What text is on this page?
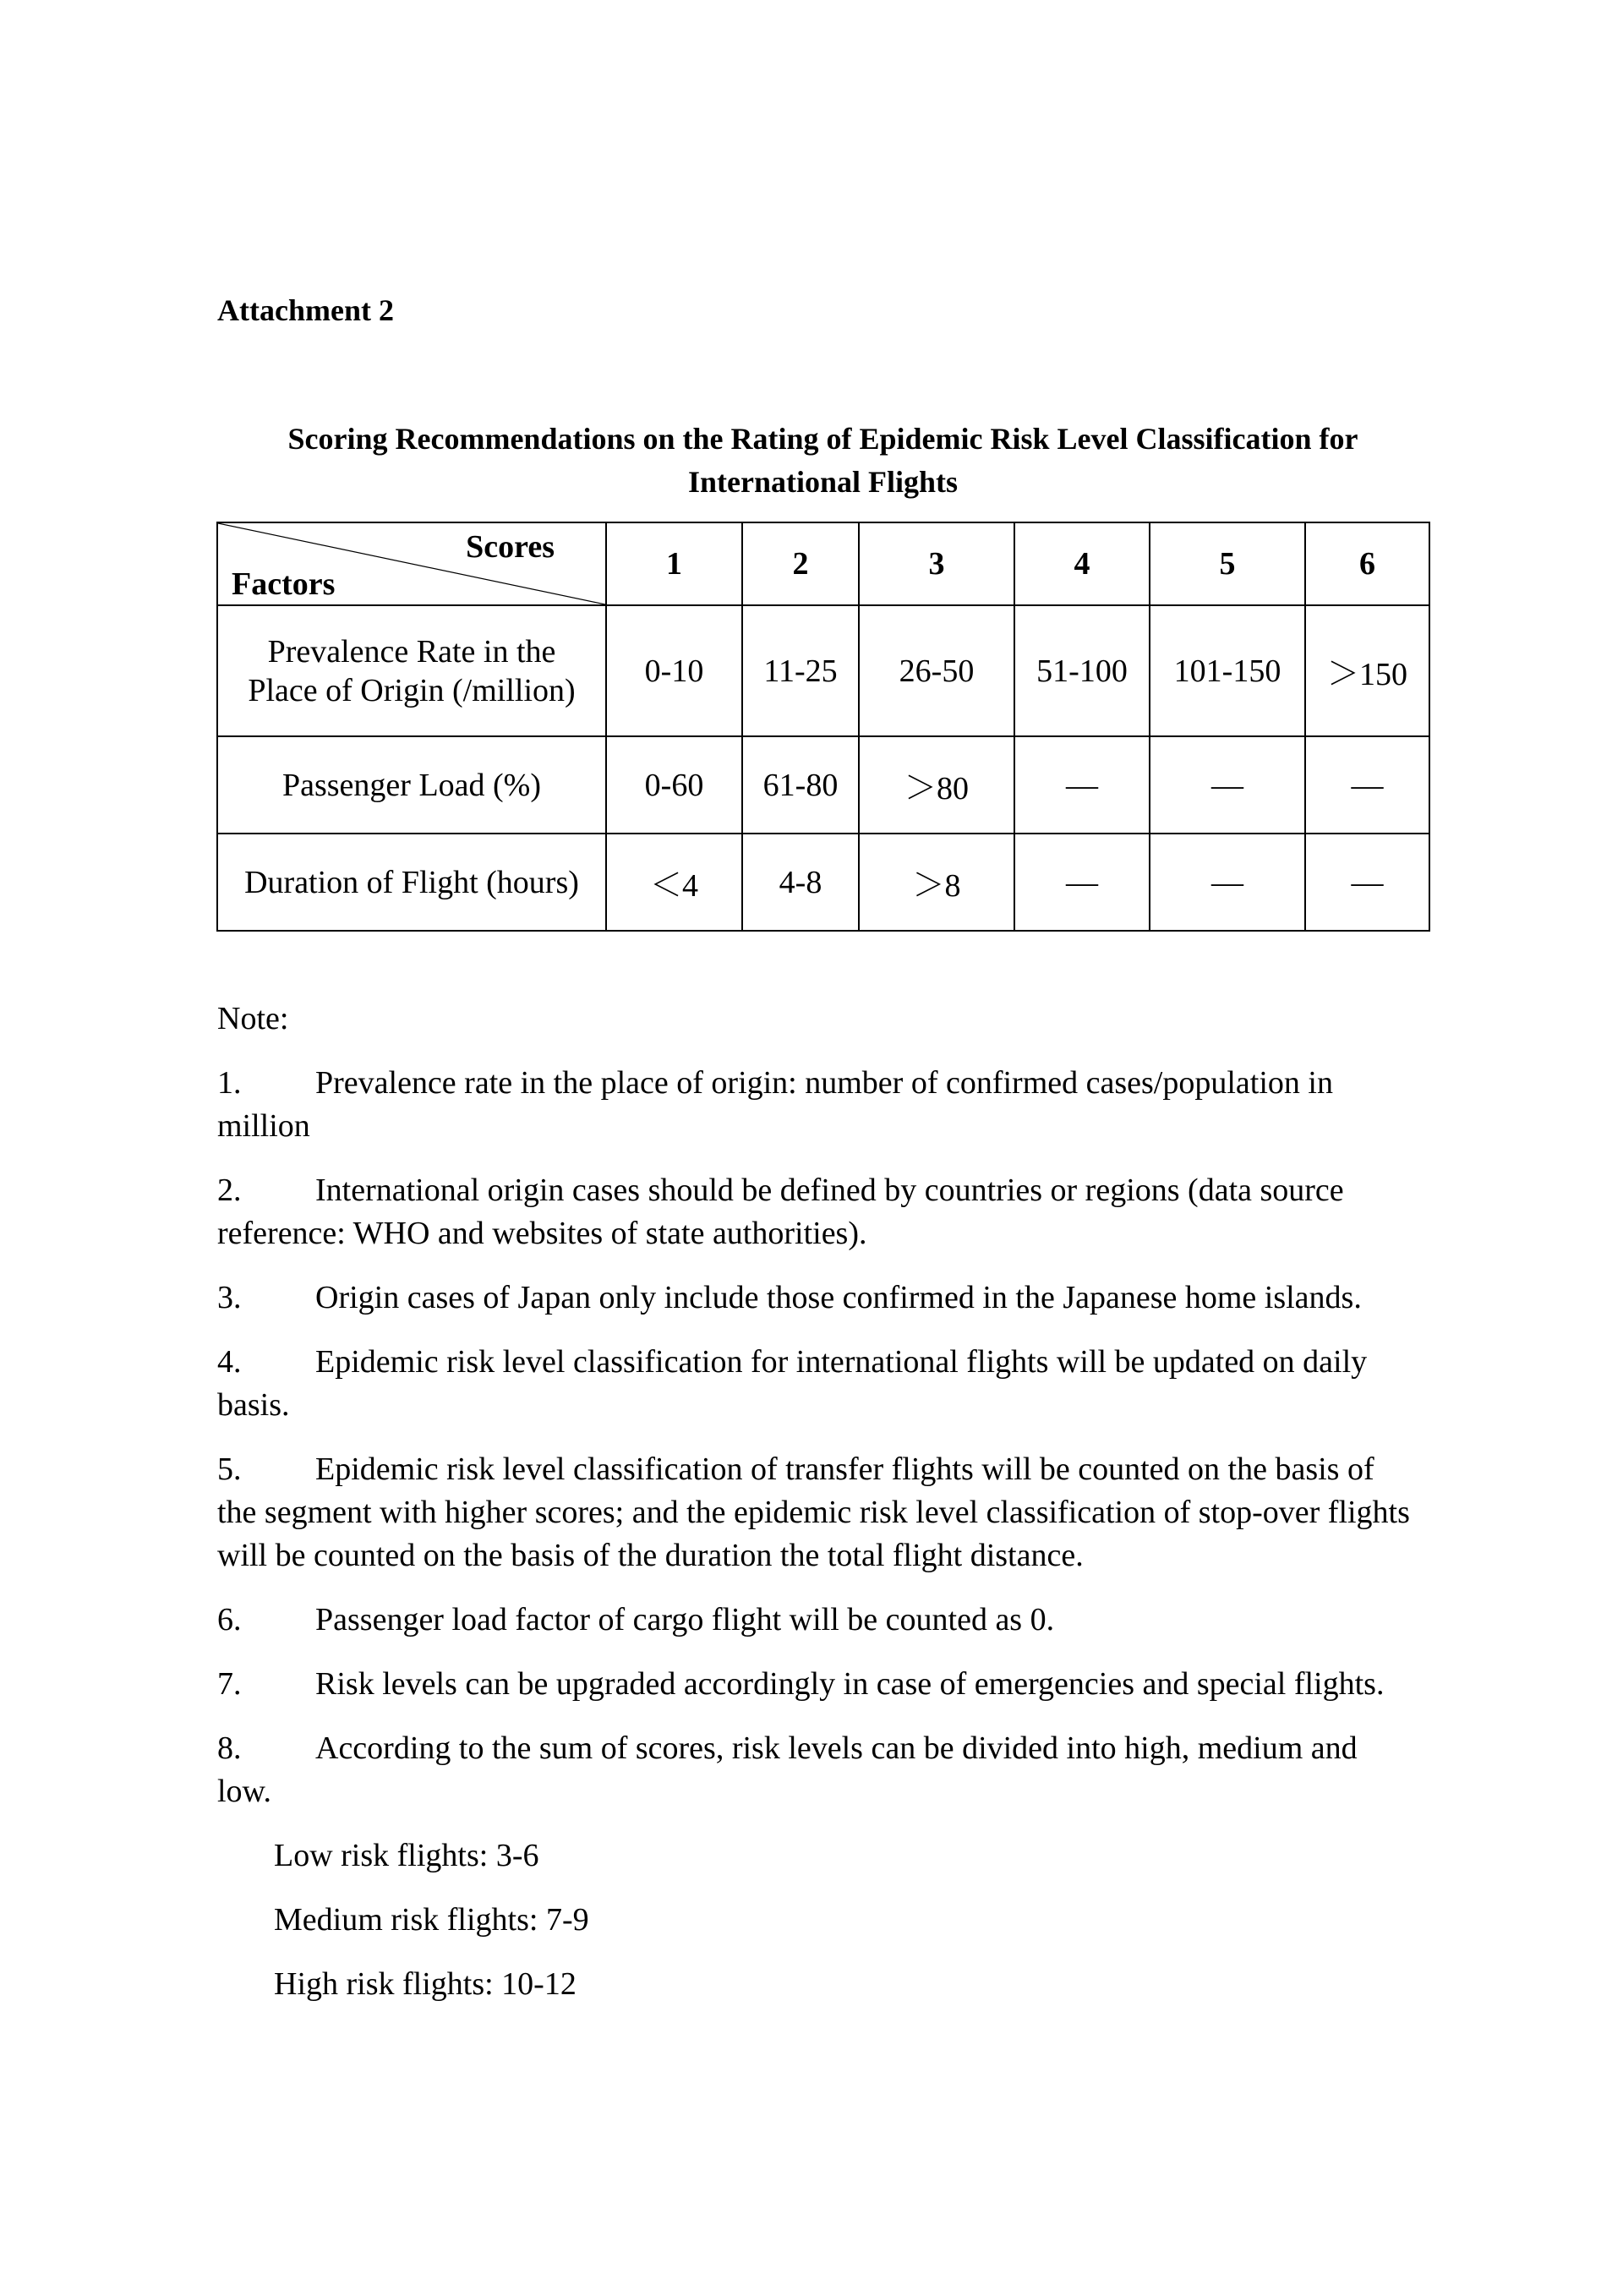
Attachment 2
Scoring Recommendations on the Rating of Epidemic Risk Level Classification for
International Flights
Scores
Factors	1	2	3	4	5	6

Prevalence Rate in the
Place of Origin (/million)	0-10	11-25	26-50	51-100	101-150	＞150
Passenger Load (%)	0-60	61-80	＞80	—	—	—
Duration of Flight (hours)	＜4	4-8	＞8	—	—	—
Note:
1. Prevalence rate in the place of origin: number of confirmed cases/population in
million
2. International origin cases should be defined by countries or regions (data source
reference: WHO and websites of state authorities).
3. Origin cases of Japan only include those confirmed in the Japanese home islands.
4. Epidemic risk level classification for international flights will be updated on daily
basis.
5. Epidemic risk level classification of transfer flights will be counted on the basis of
the segment with higher scores; and the epidemic risk level classification of stop-over flights will be counted on the basis of the duration the total flight distance.
6. Passenger load factor of cargo flight will be counted as 0.
7. Risk levels can be upgraded accordingly in case of emergencies and special flights.
8. According to the sum of scores, risk levels can be divided into high, medium and
low.
Low risk flights: 3-6
Medium risk flights: 7-9
High risk flights: 10-12
